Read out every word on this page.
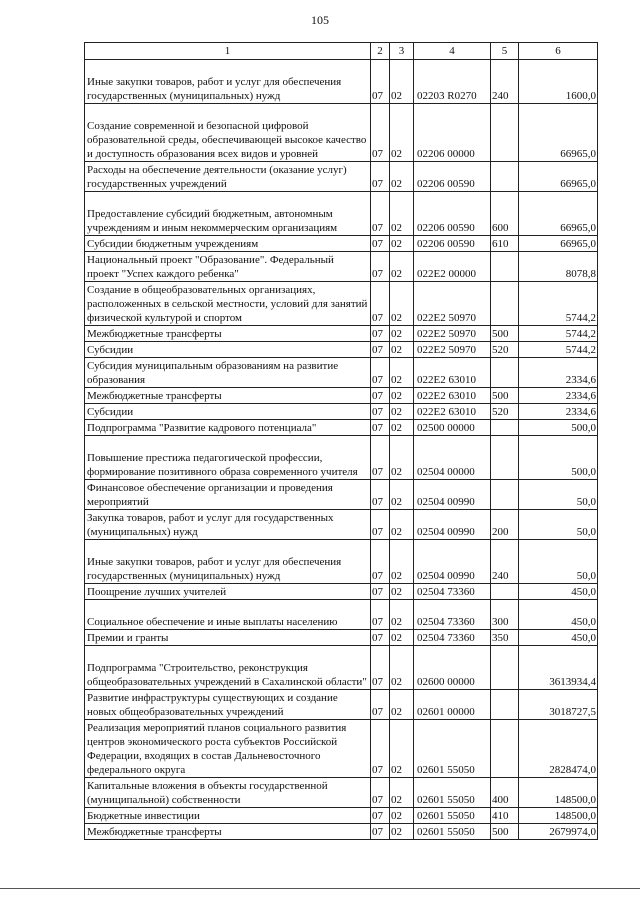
105
1	2	3	4	5	6
Иные закупки товаров, работ и услуг для обеспечения государственных (муниципальных) нужд	07	02	02203 R0270	240	1600,0
Создание современной и безопасной цифровой образовательной среды, обеспечивающей высокое качество и доступность образования всех видов и уровней	07	02	02206 00000		66965,0
Расходы на обеспечение деятельности (оказание услуг) государственных учреждений	07	02	02206 00590		66965,0
Предоставление субсидий бюджетным, автономным учреждениям и иным некоммерческим организациям	07	02	02206 00590	600	66965,0
Субсидии бюджетным учреждениям	07	02	02206 00590	610	66965,0
Национальный проект "Образование". Федеральный проект "Успех каждого ребенка"	07	02	022E2 00000		8078,8
Создание в общеобразовательных организациях, расположенных в сельской местности, условий для занятий физической культурой и спортом	07	02	022E2 50970		5744,2
Межбюджетные трансферты	07	02	022E2 50970	500	5744,2
Субсидии	07	02	022E2 50970	520	5744,2
Субсидия муниципальным образованиям на развитие образования	07	02	022E2 63010		2334,6
Межбюджетные трансферты	07	02	022E2 63010	500	2334,6
Субсидии	07	02	022E2 63010	520	2334,6
Подпрограмма "Развитие кадрового потенциала"	07	02	02500 00000		500,0
Повышение престижа педагогической профессии, формирование позитивного образа современного учителя	07	02	02504 00000		500,0
Финансовое обеспечение организации и проведения мероприятий	07	02	02504 00990		50,0
Закупка товаров, работ и услуг для государственных (муниципальных) нужд	07	02	02504 00990	200	50,0
Иные закупки товаров, работ и услуг для обеспечения государственных (муниципальных) нужд	07	02	02504 00990	240	50,0
Поощрение лучших учителей	07	02	02504 73360		450,0
Социальное обеспечение и иные выплаты населению	07	02	02504 73360	300	450,0
Премии и гранты	07	02	02504 73360	350	450,0
Подпрограмма "Строительство, реконструкция общеобразовательных учреждений в Сахалинской области"	07	02	02600 00000		3613934,4
Развитие инфраструктуры существующих и создание новых общеобразовательных учреждений	07	02	02601 00000		3018727,5
Реализация мероприятий планов социального развития центров экономического роста субъектов Российской Федерации, входящих в состав Дальневосточного федерального округа	07	02	02601 55050		2828474,0
Капитальные вложения в объекты государственной (муниципальной) собственности	07	02	02601 55050	400	148500,0
Бюджетные инвестиции	07	02	02601 55050	410	148500,0
Межбюджетные трансферты	07	02	02601 55050	500	2679974,0
